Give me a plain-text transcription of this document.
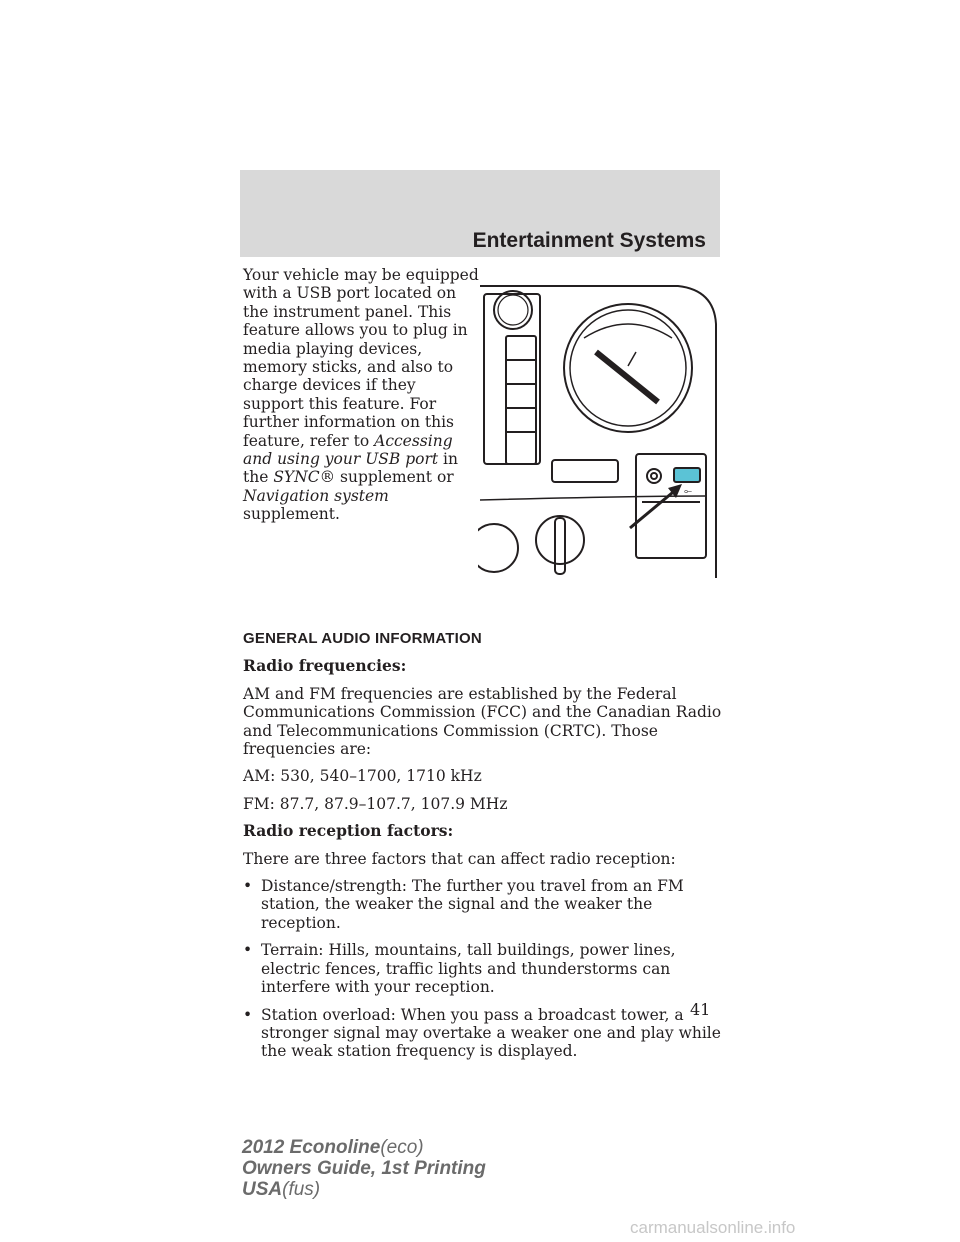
Entertainment Systems
Your vehicle may be equipped with a USB port located on the instrument panel. This feature allows you to plug in media playing devices, memory sticks, and also to charge devices if they support this feature. For further information on this feature, refer to Accessing and using your USB port in the SYNC® supplement or Navigation system supplement.
⟜

GENERAL AUDIO INFORMATION

Radio frequencies:

AM and FM frequencies are established by the Federal Communications Commission (FCC) and the Canadian Radio and Telecommunications Commission (CRTC). Those frequencies are:

AM: 530, 540–1700, 1710 kHz

FM: 87.7, 87.9–107.7, 107.9 MHz

Radio reception factors:

There are three factors that can affect radio reception:

• Distance/strength: The further you travel from an FM station, the weaker the signal and the weaker the reception.
• Terrain: Hills, mountains, tall buildings, power lines, electric fences, traffic lights and thunderstorms can interfere with your reception.
• Station overload: When you pass a broadcast tower, a stronger signal may overtake a weaker one and play while the weak station frequency is displayed.
41
2012 Econoline(eco)
Owners Guide, 1st Printing
USA(fus)
carmanualsonline.info
